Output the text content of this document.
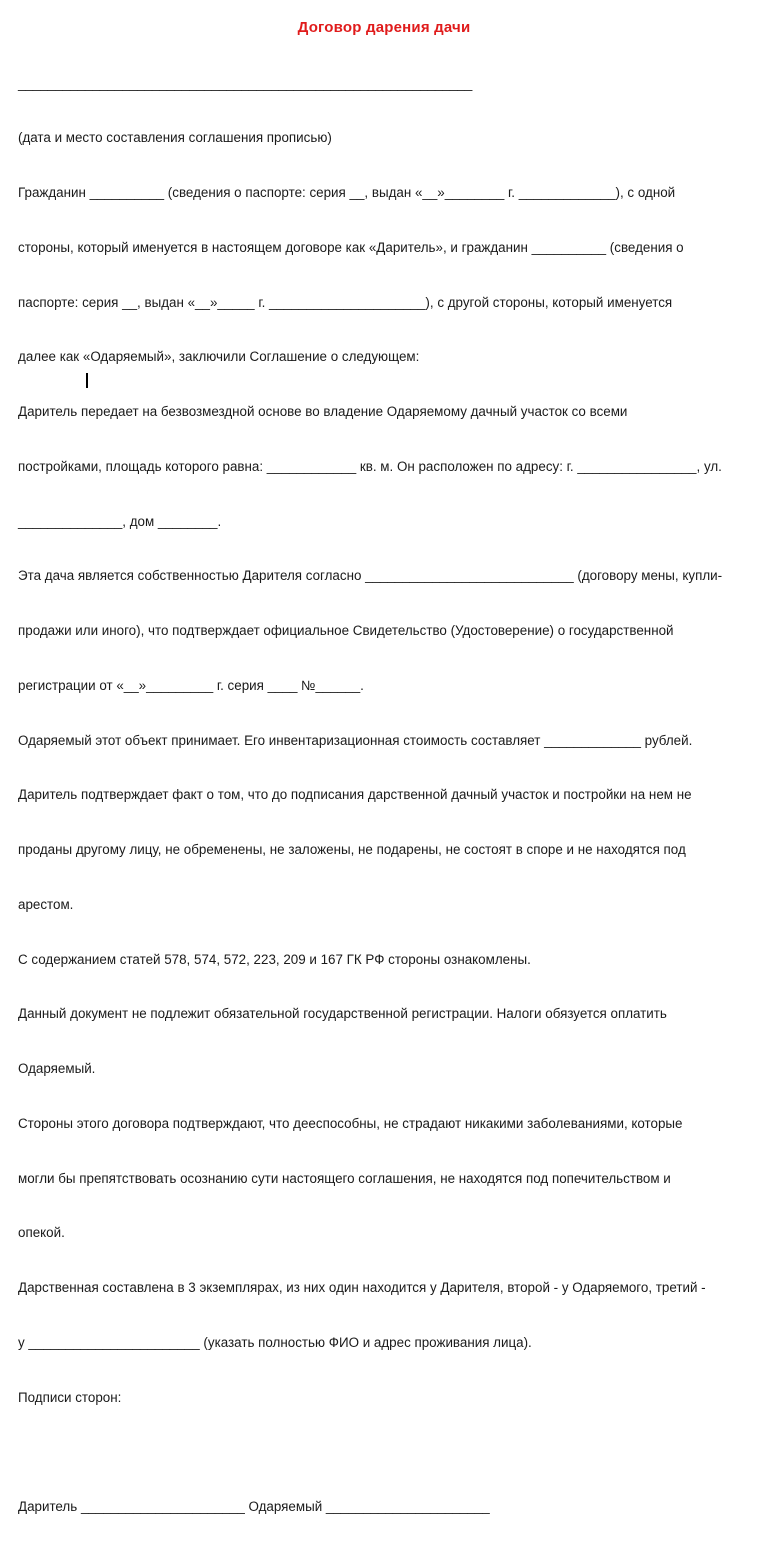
Договор дарения дачи

_____________________________________________________________

(дата и место составления соглашения прописью)

Гражданин __________ (сведения о паспорте: серия __, выдан «__»________ г. _____________), с одной

стороны, который именуется в настоящем договоре как «Даритель», и гражданин __________ (сведения о

паспорте: серия __, выдан «__»_____ г. _____________________), с другой стороны, который именуется

далее как «Одаряемый», заключили Соглашение о следующем:

Даритель передает на безвозмездной основе во владение Одаряемому дачный участок со всеми

постройками, площадь которого равна: ____________ кв. м. Он расположен по адресу: г. ________________, ул.

______________, дом ________.

Эта дача является собственностью Дарителя согласно ____________________________ (договору мены, купли-

продажи или иного), что подтверждает официальное Свидетельство (Удостоверение) о государственной

регистрации от «__»_________ г. серия ____ №______.

Одаряемый этот объект принимает. Его инвентаризационная стоимость составляет _____________ рублей.

Даритель подтверждает факт о том, что до подписания дарственной дачный участок и постройки на нем не

проданы другому лицу, не обременены, не заложены, не подарены, не состоят в споре и не находятся под

арестом.

С содержанием статей 578, 574, 572, 223, 209 и 167 ГК РФ стороны ознакомлены.

Данный документ не подлежит обязательной государственной регистрации. Налоги обязуется оплатить

Одаряемый.

Стороны этого договора подтверждают, что дееспособны, не страдают никакими заболеваниями, которые

могли бы препятствовать осознанию сути настоящего соглашения, не находятся под попечительством и

опекой.

Дарственная составлена в 3 экземплярах, из них один находится у Дарителя, второй - у Одаряемого, третий -

у _______________________ (указать полностью ФИО и адрес проживания лица).

Подписи сторон:

Даритель ______________________ Одаряемый ______________________
